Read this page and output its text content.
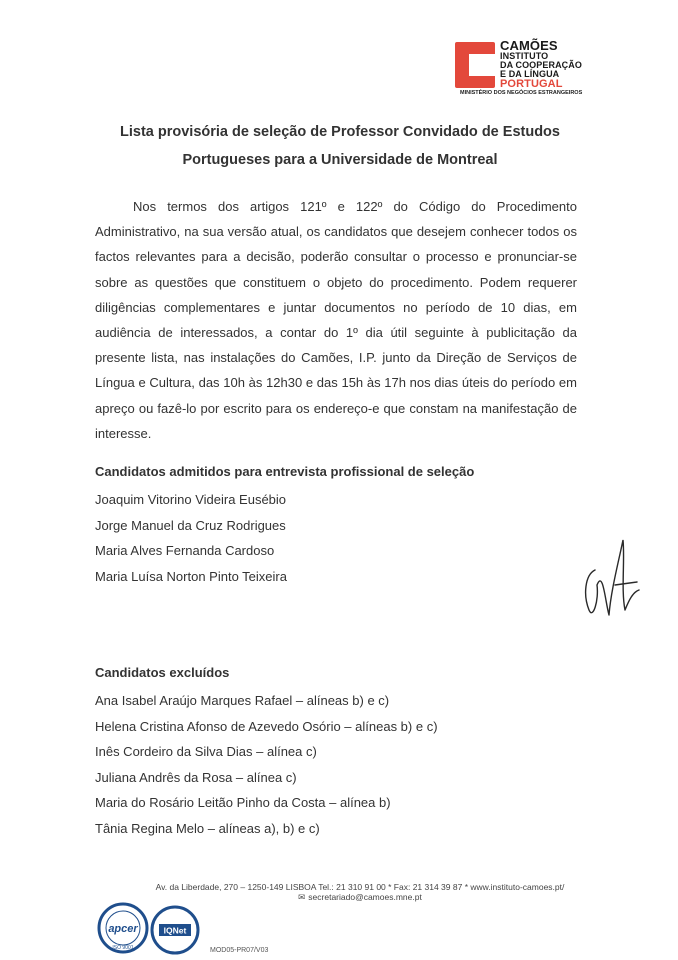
CAMÕES
INSTITUTO
DA COOPERAÇÃO
E DA LÍNGUA
PORTUGAL
MINISTÉRIO DOS NEGÓCIOS ESTRANGEIROS
Lista provisória de seleção de Professor Convidado de Estudos
Portugueses para a Universidade de Montreal
Nos termos dos artigos 121º e 122º do Código do Procedimento Administrativo, na sua versão atual, os candidatos que desejem conhecer todos os factos relevantes para a decisão, poderão consultar o processo e pronunciar-se sobre as questões que constituem o objeto do procedimento. Podem requerer diligências complementares e juntar documentos no período de 10 dias, em audiência de interessados, a contar do 1º dia útil seguinte à publicitação da presente lista, nas instalações do Camões, I.P. junto da Direção de Serviços de Língua e Cultura, das 10h às 12h30 e das 15h às 17h nos dias úteis do período em apreço ou fazê-lo por escrito para os endereço-e que constam na manifestação de interesse.
Candidatos admitidos para entrevista profissional de seleção
Joaquim Vitorino Videira Eusébio
Jorge Manuel da Cruz Rodrigues
Maria Alves Fernanda Cardoso
Maria Luísa Norton Pinto Teixeira
Candidatos excluídos
Ana Isabel Araújo Marques Rafael – alíneas b) e c)
Helena Cristina Afonso de Azevedo Osório – alíneas b) e c)
Inês Cordeiro da Silva Dias – alínea c)
Juliana Andrês da Rosa – alínea c)
Maria do Rosário Leitão Pinho da Costa – alínea b)
Tânia Regina Melo – alíneas a), b) e c)
Av. da Liberdade, 270 – 1250-149 LISBOA Tel.: 21 310 91 00 * Fax: 21 314 39 87 * www.instituto-camoes.pt/
✉ secretariado@camoes.mne.pt
apcer
ISO 9001
IQNet
MOD05-PR07/V03
